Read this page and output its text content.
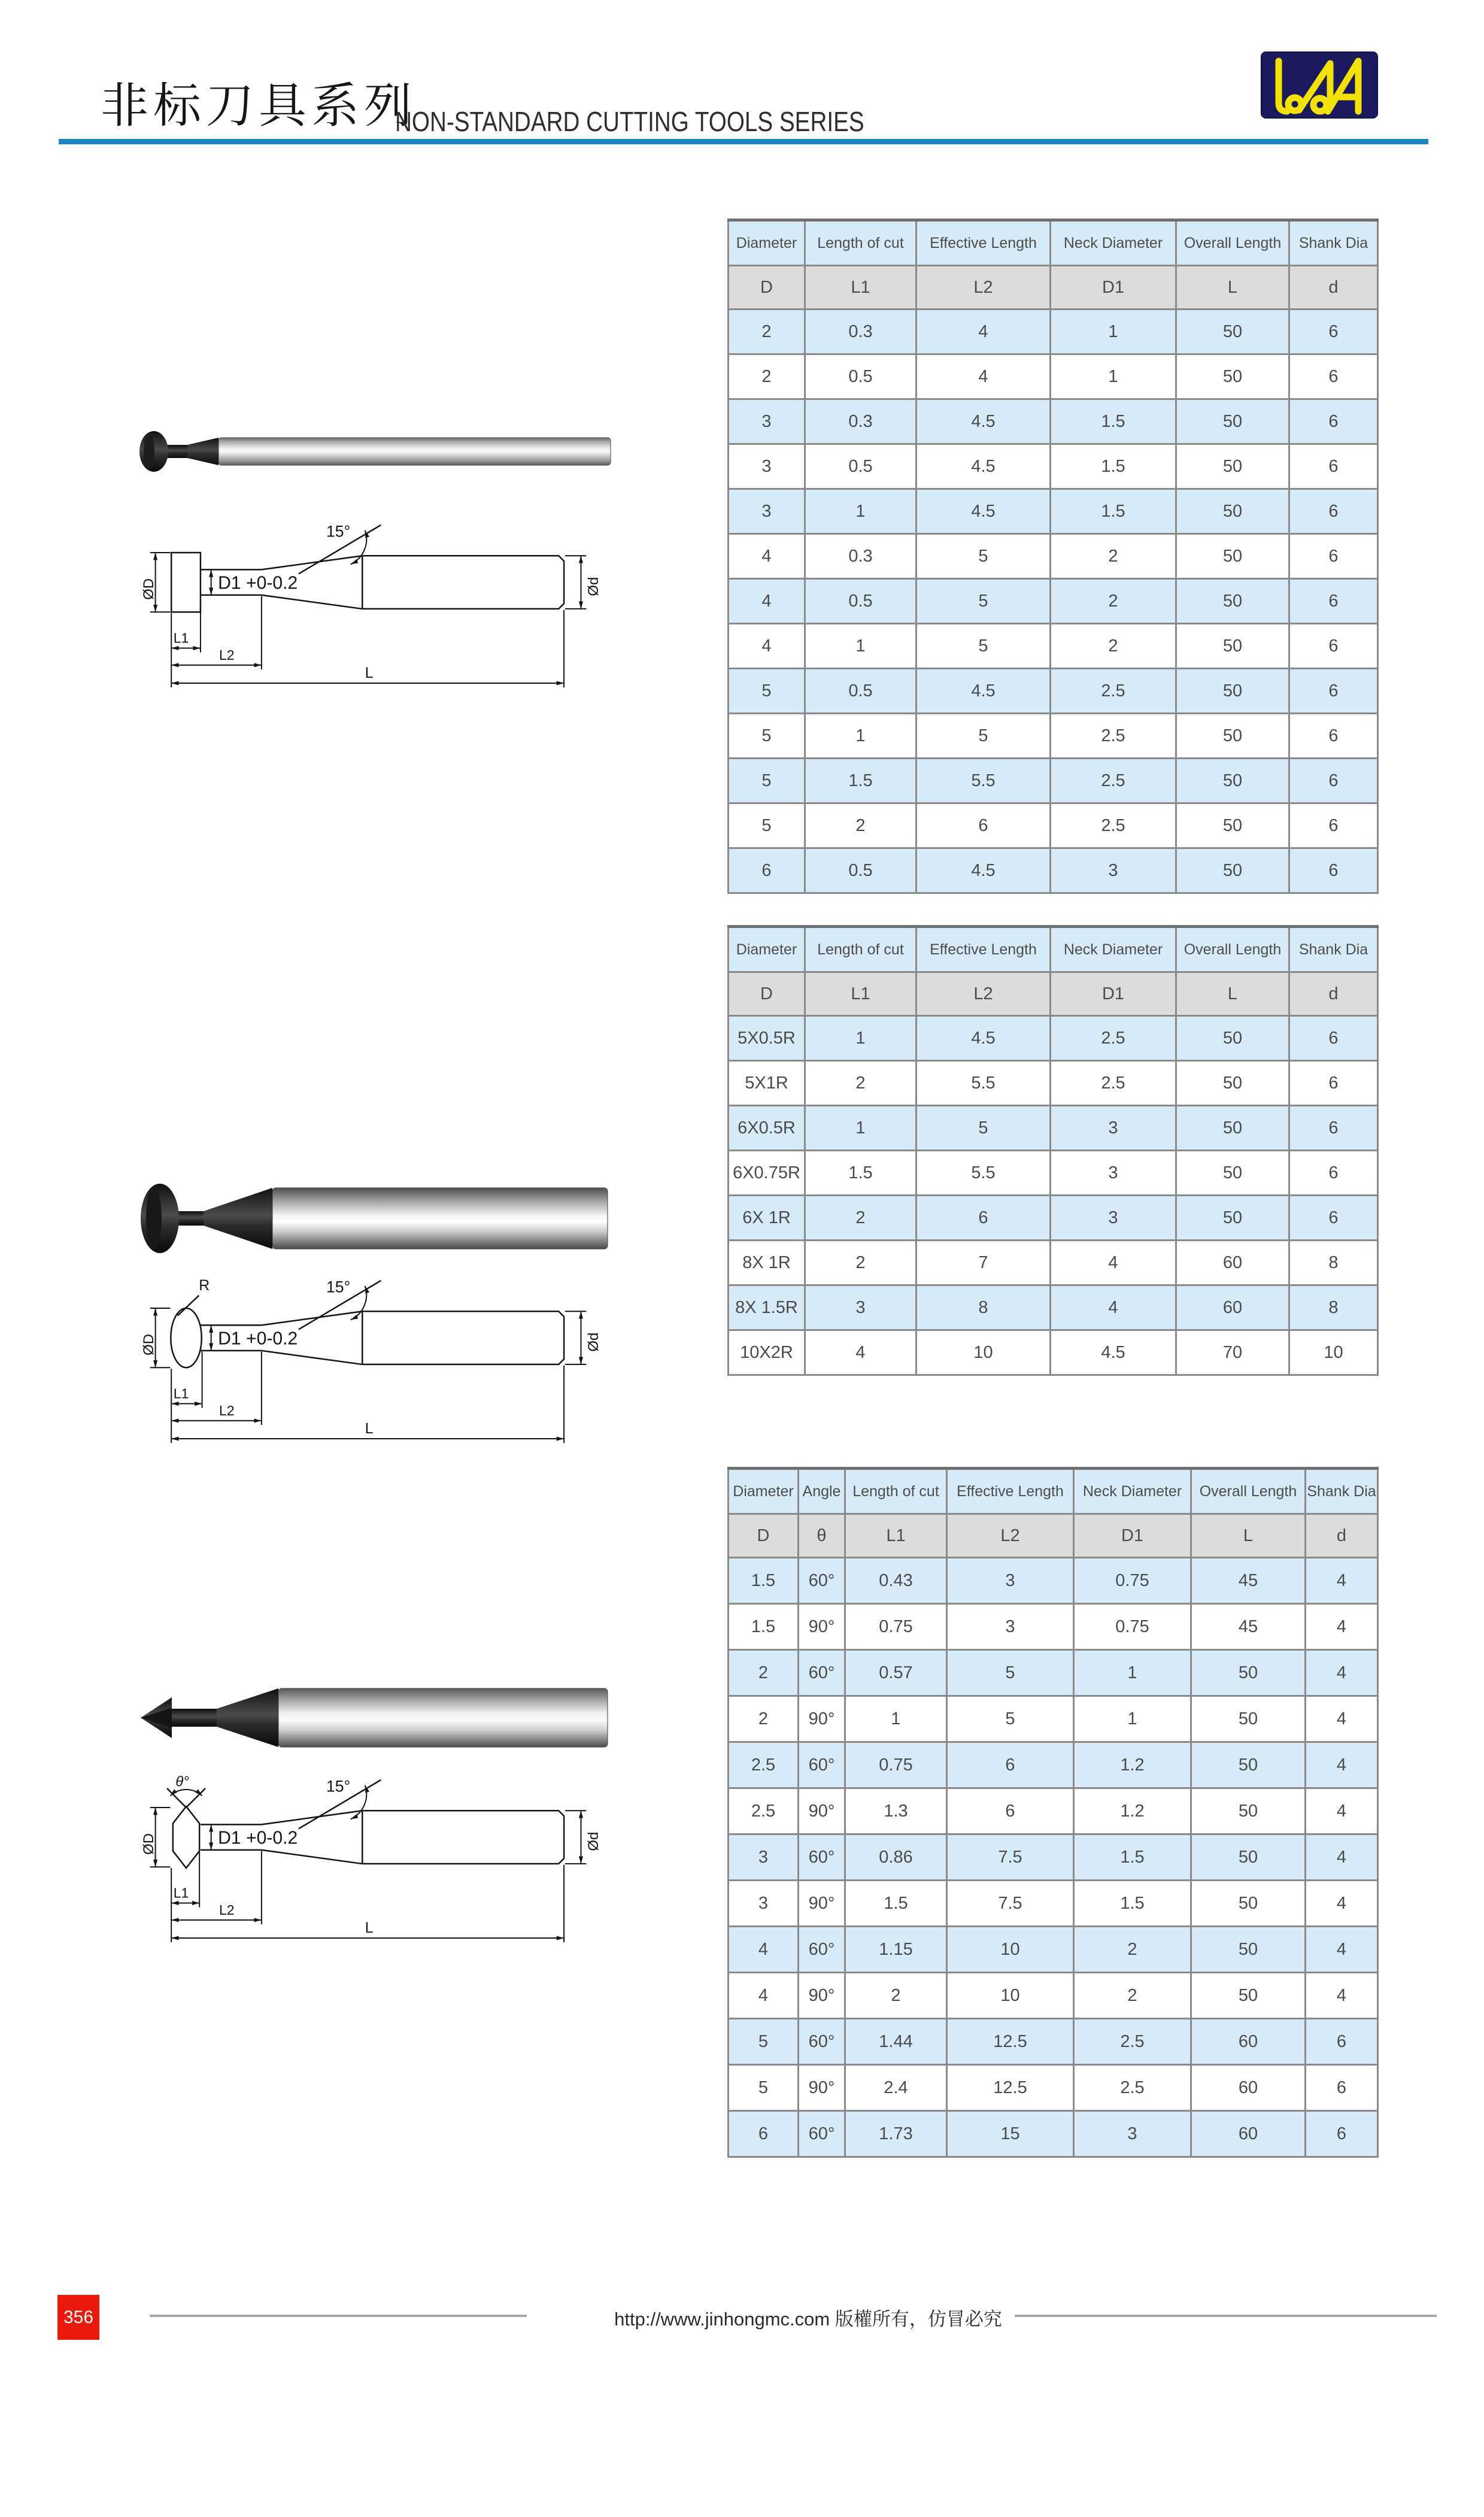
非标刀具系列
NON-STANDARD CUTTING TOOLS SERIES
15°
ØD	D1 +0-0.2	Ød
L1
L2
L
R	15°
ØD	D1 +0-0.2	Ød
L1
L2
L
θ°	15°
ØD	D1 +0-0.2	Ød
L1
L2
L
Diameter	Length of cut	Effective Length	Neck Diameter	Overall Length	Shank Dia
D	L1	L2	D1	L	d
2	0.3	4	1	50	6
2	0.5	4	1	50	6
3	0.3	4.5	1.5	50	6
3	0.5	4.5	1.5	50	6
3	1	4.5	1.5	50	6
4	0.3	5	2	50	6
4	0.5	5	2	50	6
4	1	5	2	50	6
5	0.5	4.5	2.5	50	6
5	1	5	2.5	50	6
5	1.5	5.5	2.5	50	6
5	2	6	2.5	50	6
6	0.5	4.5	3	50	6
Diameter	Length of cut	Effective Length	Neck Diameter	Overall Length	Shank Dia
D	L1	L2	D1	L	d
5X0.5R	1	4.5	2.5	50	6
5X1R	2	5.5	2.5	50	6
6X0.5R	1	5	3	50	6
6X0.75R	1.5	5.5	3	50	6
6X 1R	2	6	3	50	6
8X 1R	2	7	4	60	8
8X 1.5R	3	8	4	60	8
10X2R	4	10	4.5	70	10
Diameter	Angle	Length of cut	Effective Length	Neck Diameter	Overall Length	Shank Dia
D	θ	L1	L2	D1	L	d
1.5	60°	0.43	3	0.75	45	4
1.5	90°	0.75	3	0.75	45	4
2	60°	0.57	5	1	50	4
2	90°	1	5	1	50	4
2.5	60°	0.75	6	1.2	50	4
2.5	90°	1.3	6	1.2	50	4
3	60°	0.86	7.5	1.5	50	4
3	90°	1.5	7.5	1.5	50	4
4	60°	1.15	10	2	50	4
4	90°	2	10	2	50	4
5	60°	1.44	12.5	2.5	60	6
5	90°	2.4	12.5	2.5	60	6
6	60°	1.73	15	3	60	6
356	http://www.jinhongmc.com 版權所有，仿冒必究
